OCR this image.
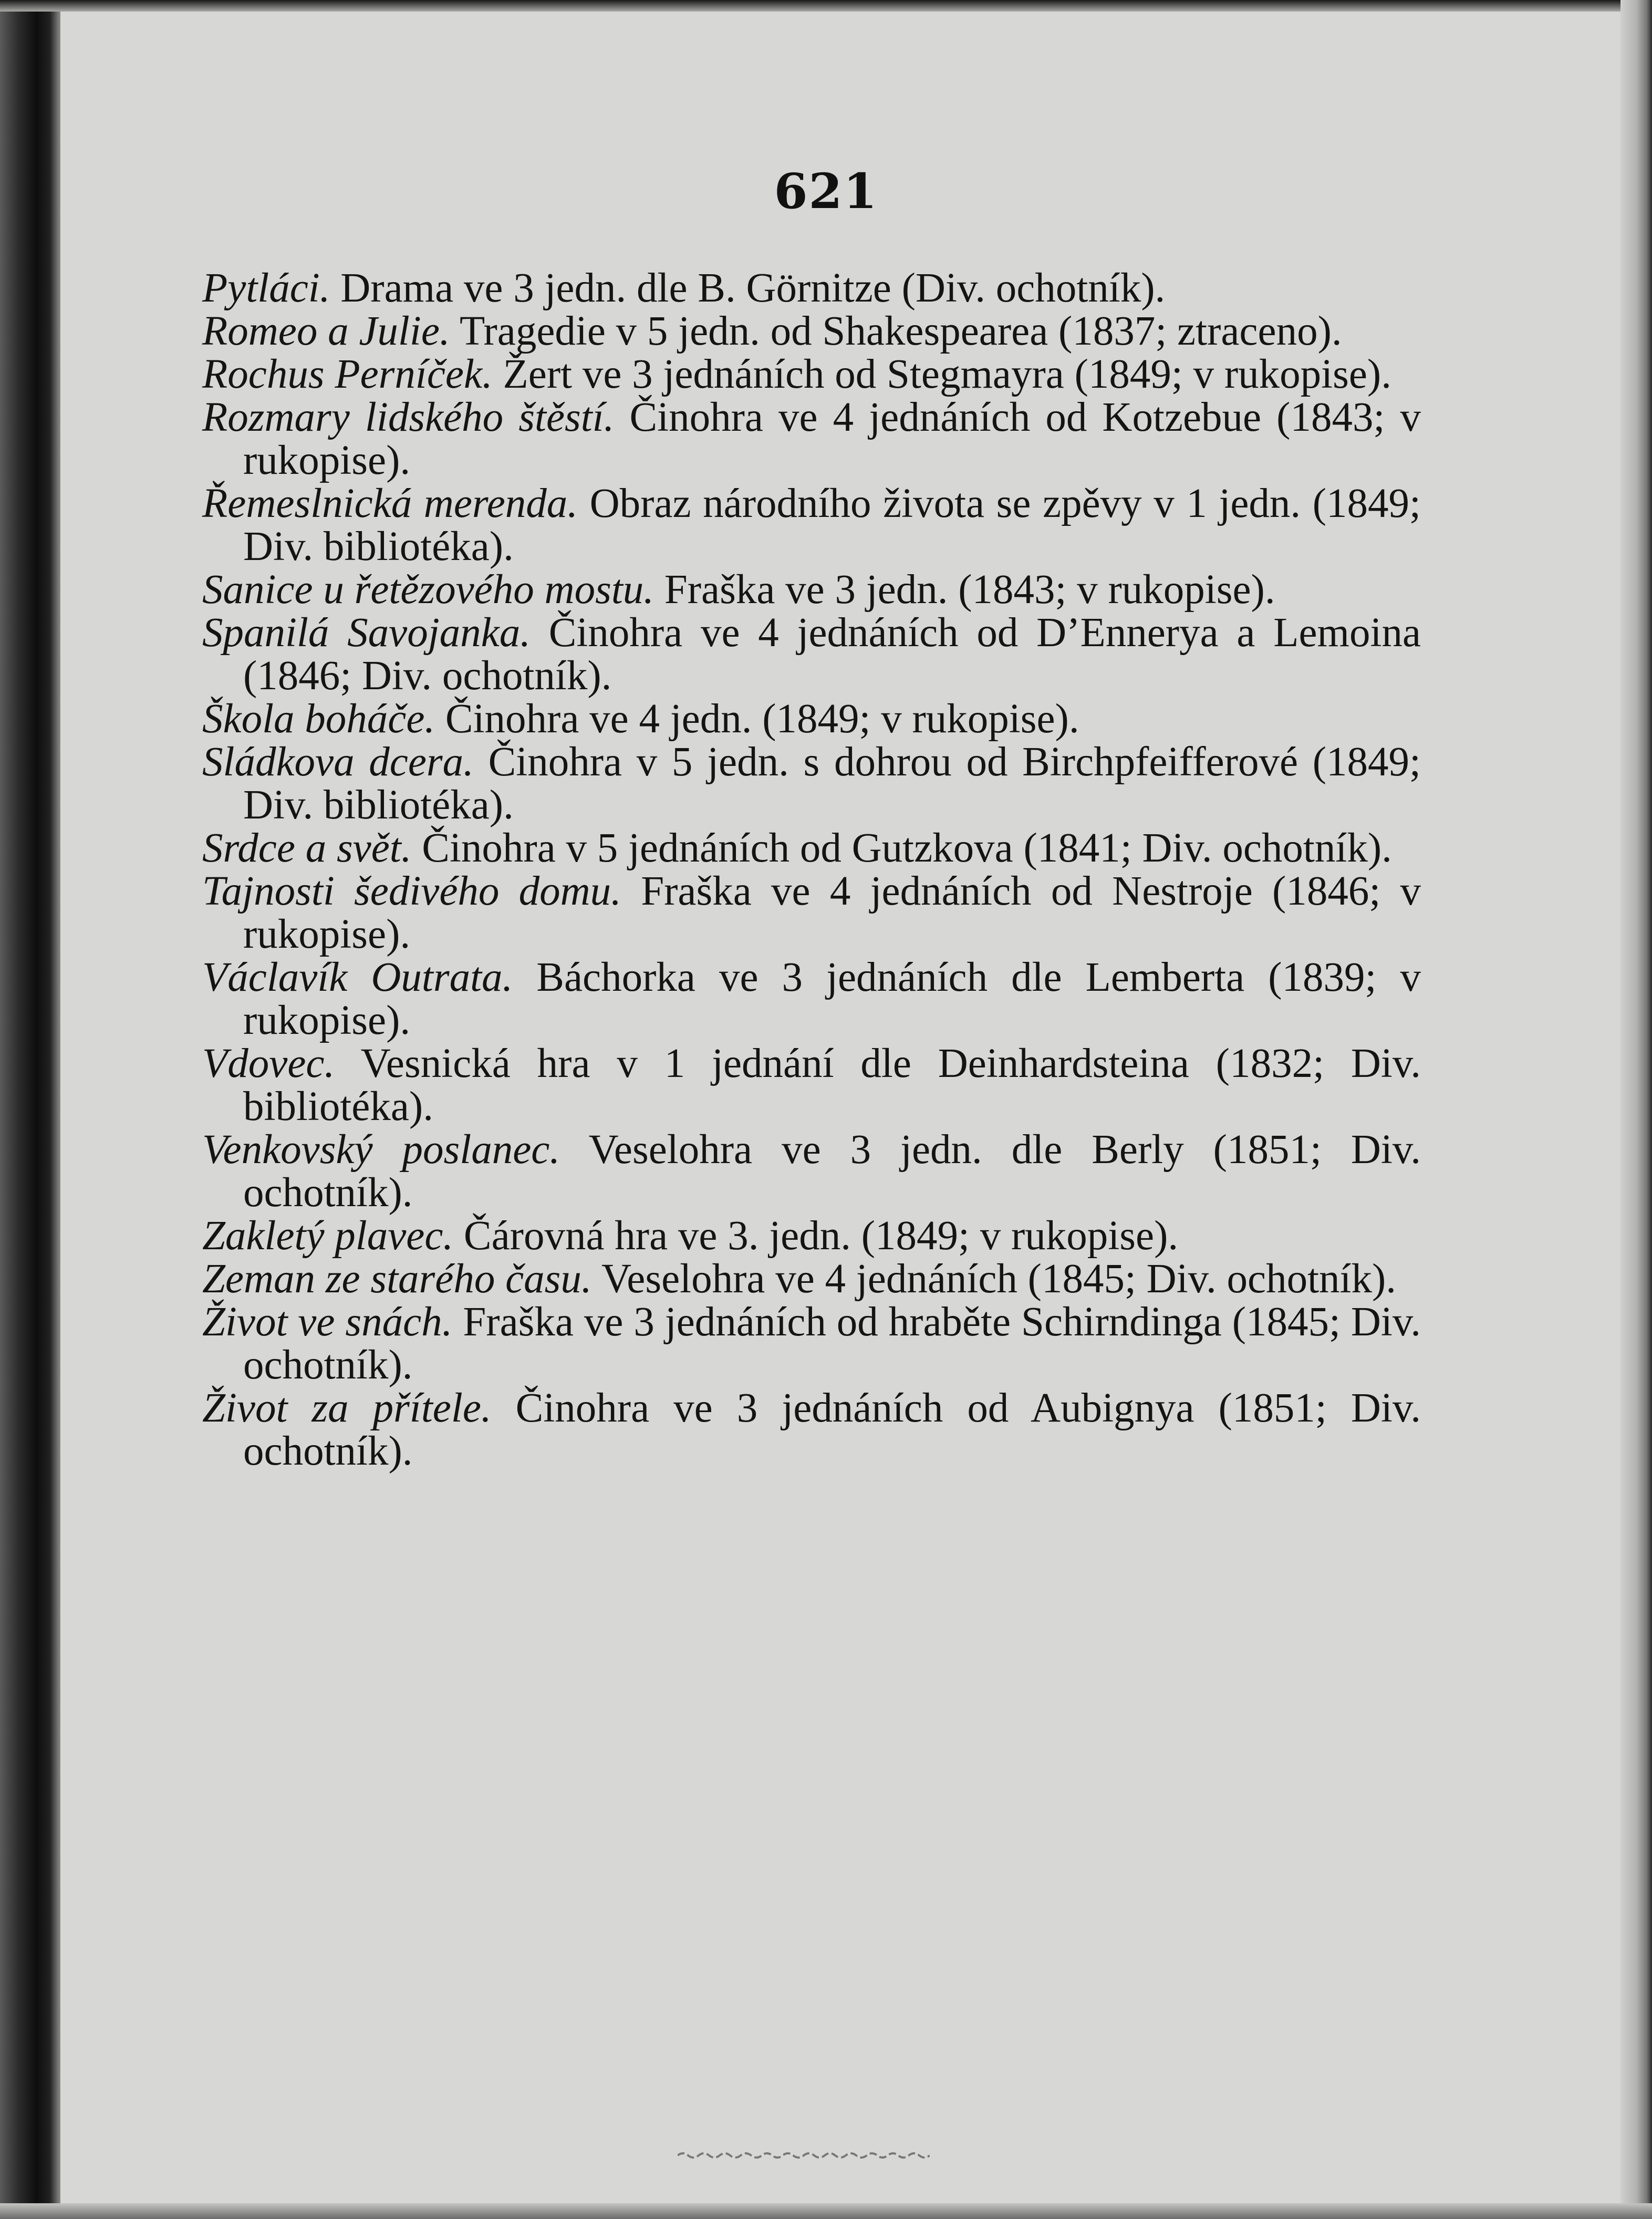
621

Pytláci. Drama ve 3 jedn. dle B. Görnitze (Div. ochotník).

Romeo a Julie. Tragedie v 5 jedn. od Shakespearea (1837; ztraceno).

Rochus Perníček. Žert ve 3 jednáních od Stegmayra (1849; v rukopise).

Rozmary lidského štěstí. Činohra ve 4 jednáních od Kotzebue (1843; v rukopise).

Řemeslnická merenda. Obraz národního života se zpěvy v 1 jedn. (1849; Div. bibliotéka).

Sanice u řetězového mostu. Fraška ve 3 jedn. (1843; v rukopise).

Spanilá Savojanka. Činohra ve 4 jednáních od D’Ennerya a Lemoina (1846; Div. ochotník).

Škola boháče. Činohra ve 4 jedn. (1849; v rukopise).

Sládkova dcera. Činohra v 5 jedn. s dohrou od Birchpfeifferové (1849; Div. bibliotéka).

Srdce a svět. Činohra v 5 jednáních od Gutzkova (1841; Div. ochotník).

Tajnosti šedivého domu. Fraška ve 4 jednáních od Nestroje (1846; v rukopise).

Václavík Outrata. Báchorka ve 3 jednáních dle Lemberta (1839; v rukopise).

Vdovec. Vesnická hra v 1 jednání dle Deinhardsteina (1832; Div. bibliotéka).

Venkovský poslanec. Veselohra ve 3 jedn. dle Berly (1851; Div. ochotník).

Zakletý plavec. Čárovná hra ve 3. jedn. (1849; v rukopise).

Zeman ze starého času. Veselohra ve 4 jednáních (1845; Div. ochotník).

Život ve snách. Fraška ve 3 jednáních od hraběte Schirndinga (1845; Div. ochotník).

Život za přítele. Činohra ve 3 jednáních od Aubignya (1851; Div. ochotník).
